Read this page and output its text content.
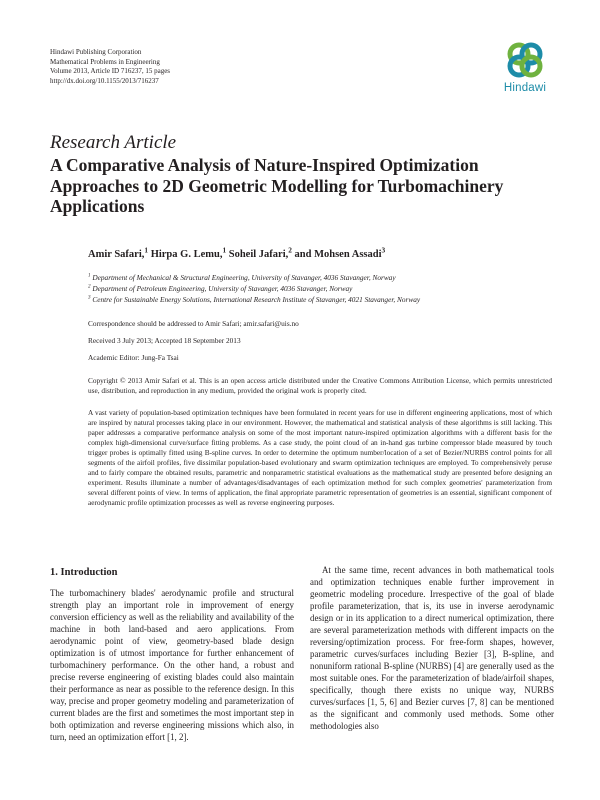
Hindawi Publishing Corporation
Mathematical Problems in Engineering
Volume 2013, Article ID 716237, 15 pages
http://dx.doi.org/10.1155/2013/716237
Hindawi
Research Article
A Comparative Analysis of Nature-Inspired Optimization Approaches to 2D Geometric Modelling for Turbomachinery Applications
Amir Safari,$^1$ Hirpa G. Lemu,$^1$ Soheil Jafari,$^2$ and Mohsen Assadi$^3$
$^1$ Department of Mechanical & Structural Engineering, University of Stavanger, 4036 Stavanger, Norway
$^2$ Department of Petroleum Engineering, University of Stavanger, 4036 Stavanger, Norway
$^3$ Centre for Sustainable Energy Solutions, International Research Institute of Stavanger, 4021 Stavanger, Norway
Correspondence should be addressed to Amir Safari; amir.safari@uis.no
Received 3 July 2013; Accepted 18 September 2013
Academic Editor: Jung-Fa Tsai
Copyright © 2013 Amir Safari et al. This is an open access article distributed under the Creative Commons Attribution License, which permits unrestricted use, distribution, and reproduction in any medium, provided the original work is properly cited.
A vast variety of population-based optimization techniques have been formulated in recent years for use in different engineering applications, most of which are inspired by natural processes taking place in our environment. However, the mathematical and statistical analysis of these algorithms is still lacking. This paper addresses a comparative performance analysis on some of the most important nature-inspired optimization algorithms with a different basis for the complex high-dimensional curve/surface fitting problems. As a case study, the point cloud of an in-hand gas turbine compressor blade measured by touch trigger probes is optimally fitted using B-spline curves. In order to determine the optimum number/location of a set of Bezier/NURBS control points for all segments of the airfoil profiles, five dissimilar population-based evolutionary and swarm optimization techniques are employed. To comprehensively peruse and to fairly compare the obtained results, parametric and nonparametric statistical evaluations as the mathematical study are presented before designing an experiment. Results illuminate a number of advantages/disadvantages of each optimization method for such complex geometries' parameterization from several different points of view. In terms of application, the final appropriate parametric representation of geometries is an essential, significant component of aerodynamic profile optimization processes as well as reverse engineering purposes.
1. Introduction

The turbomachinery blades' aerodynamic profile and structural strength play an important role in improvement of energy conversion efficiency as well as the reliability and availability of the machine in both land-based and aero applications. From aerodynamic point of view, geometry-based blade design optimization is of utmost importance for further enhancement of turbomachinery performance. On the other hand, a robust and precise reverse engineering of existing blades could also maintain their performance as near as possible to the reference design. In this way, precise and proper geometry modeling and parameterization of current blades are the first and sometimes the most important step in both optimization and reverse engineering missions which also, in turn, need an optimization effort [1, 2].

At the same time, recent advances in both mathematical tools and optimization techniques enable further improvement in geometric modeling procedure. Irrespective of the goal of blade profile parameterization, that is, its use in inverse aerodynamic design or in its application to a direct numerical optimization, there are several parameterization methods with different impacts on the reversing/optimization process. For free-form shapes, however, parametric curves/surfaces including Bezier [3], B-spline, and nonuniform rational B-spline (NURBS) [4] are generally used as the most suitable ones. For the parameterization of blade/airfoil shapes, specifically, though there exists no unique way, NURBS curves/surfaces [1, 5, 6] and Bezier curves [7, 8] can be mentioned as the significant and commonly used methods. Some other methodologies also
